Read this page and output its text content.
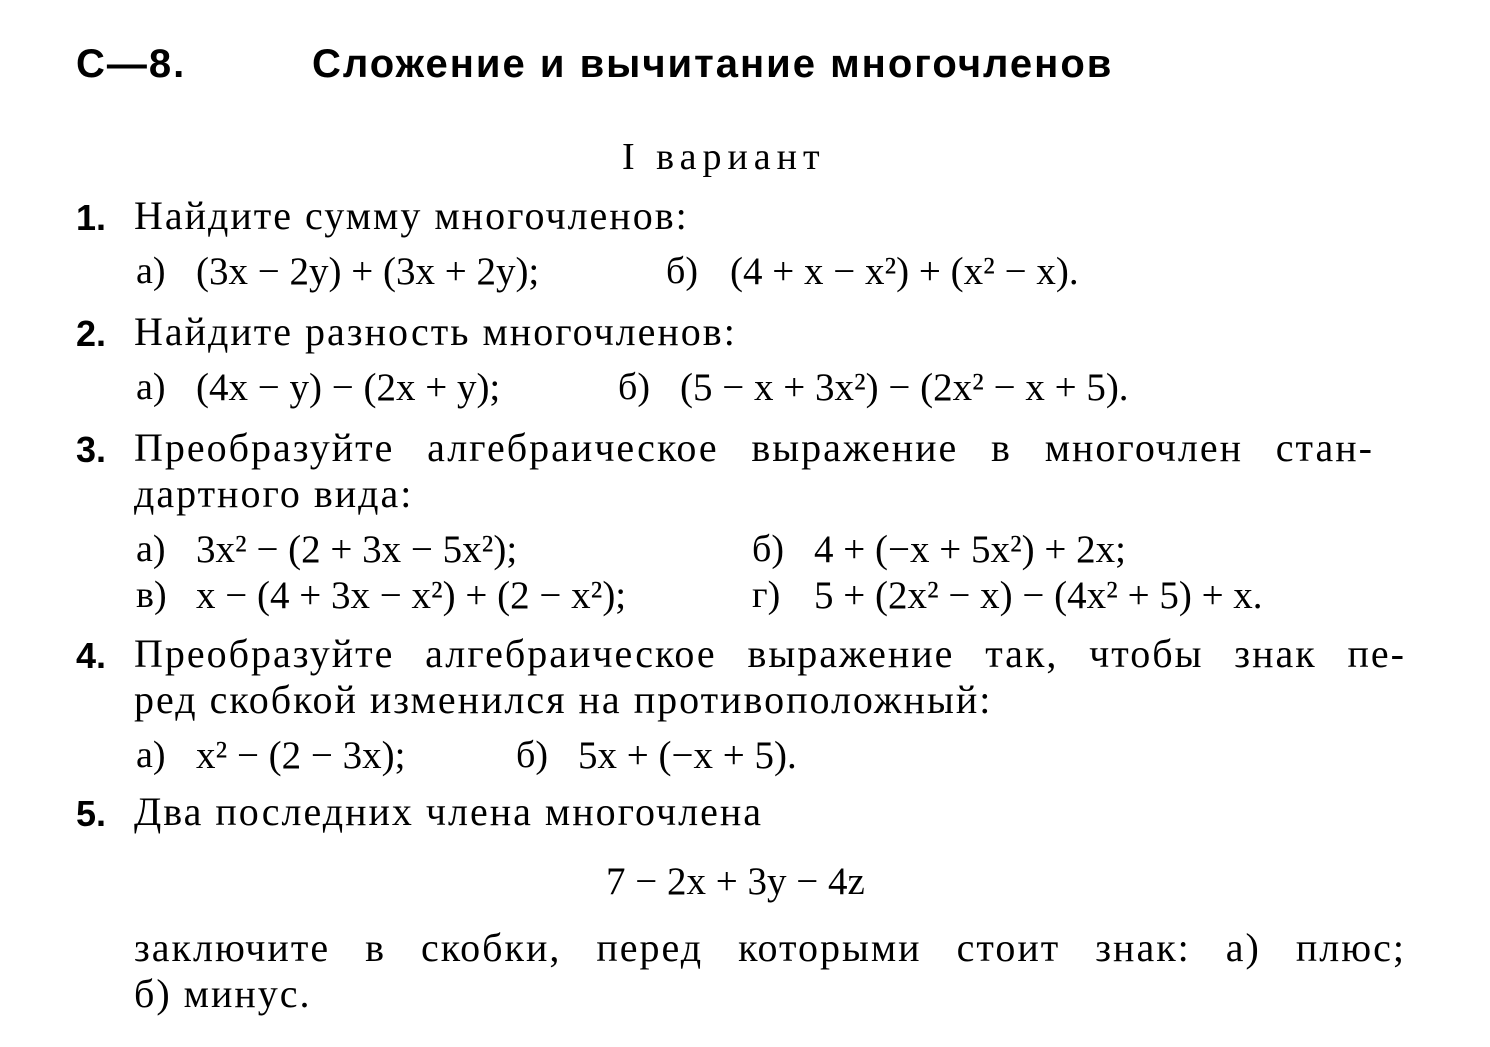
С—8.	Сложение и вычитание многочленов
I вариант
1. Найдите сумму многочленов:
а) (3x − 2y) + (3x + 2y);	б) (4 + x − x²) + (x² − x).
2. Найдите разность многочленов:
а) (4x − y) − (2x + y);	б) (5 − x + 3x²) − (2x² − x + 5).
3. Преобразуйте алгебраическое выражение в многочлен стан-
дартного вида:
а) 3x² − (2 + 3x − 5x²);	б) 4 + (−x + 5x²) + 2x;
в) x − (4 + 3x − x²) + (2 − x²);	г) 5 + (2x² − x) − (4x² + 5) + x.
4. Преобразуйте алгебраическое выражение так, чтобы знак пе-
ред скобкой изменился на противоположный:
а) x² − (2 − 3x);	б) 5x + (−x + 5).
5. Два последних члена многочлена
7 − 2x + 3y − 4z
заключите в скобки, перед которыми стоит знак: а) плюс;
б) минус.
